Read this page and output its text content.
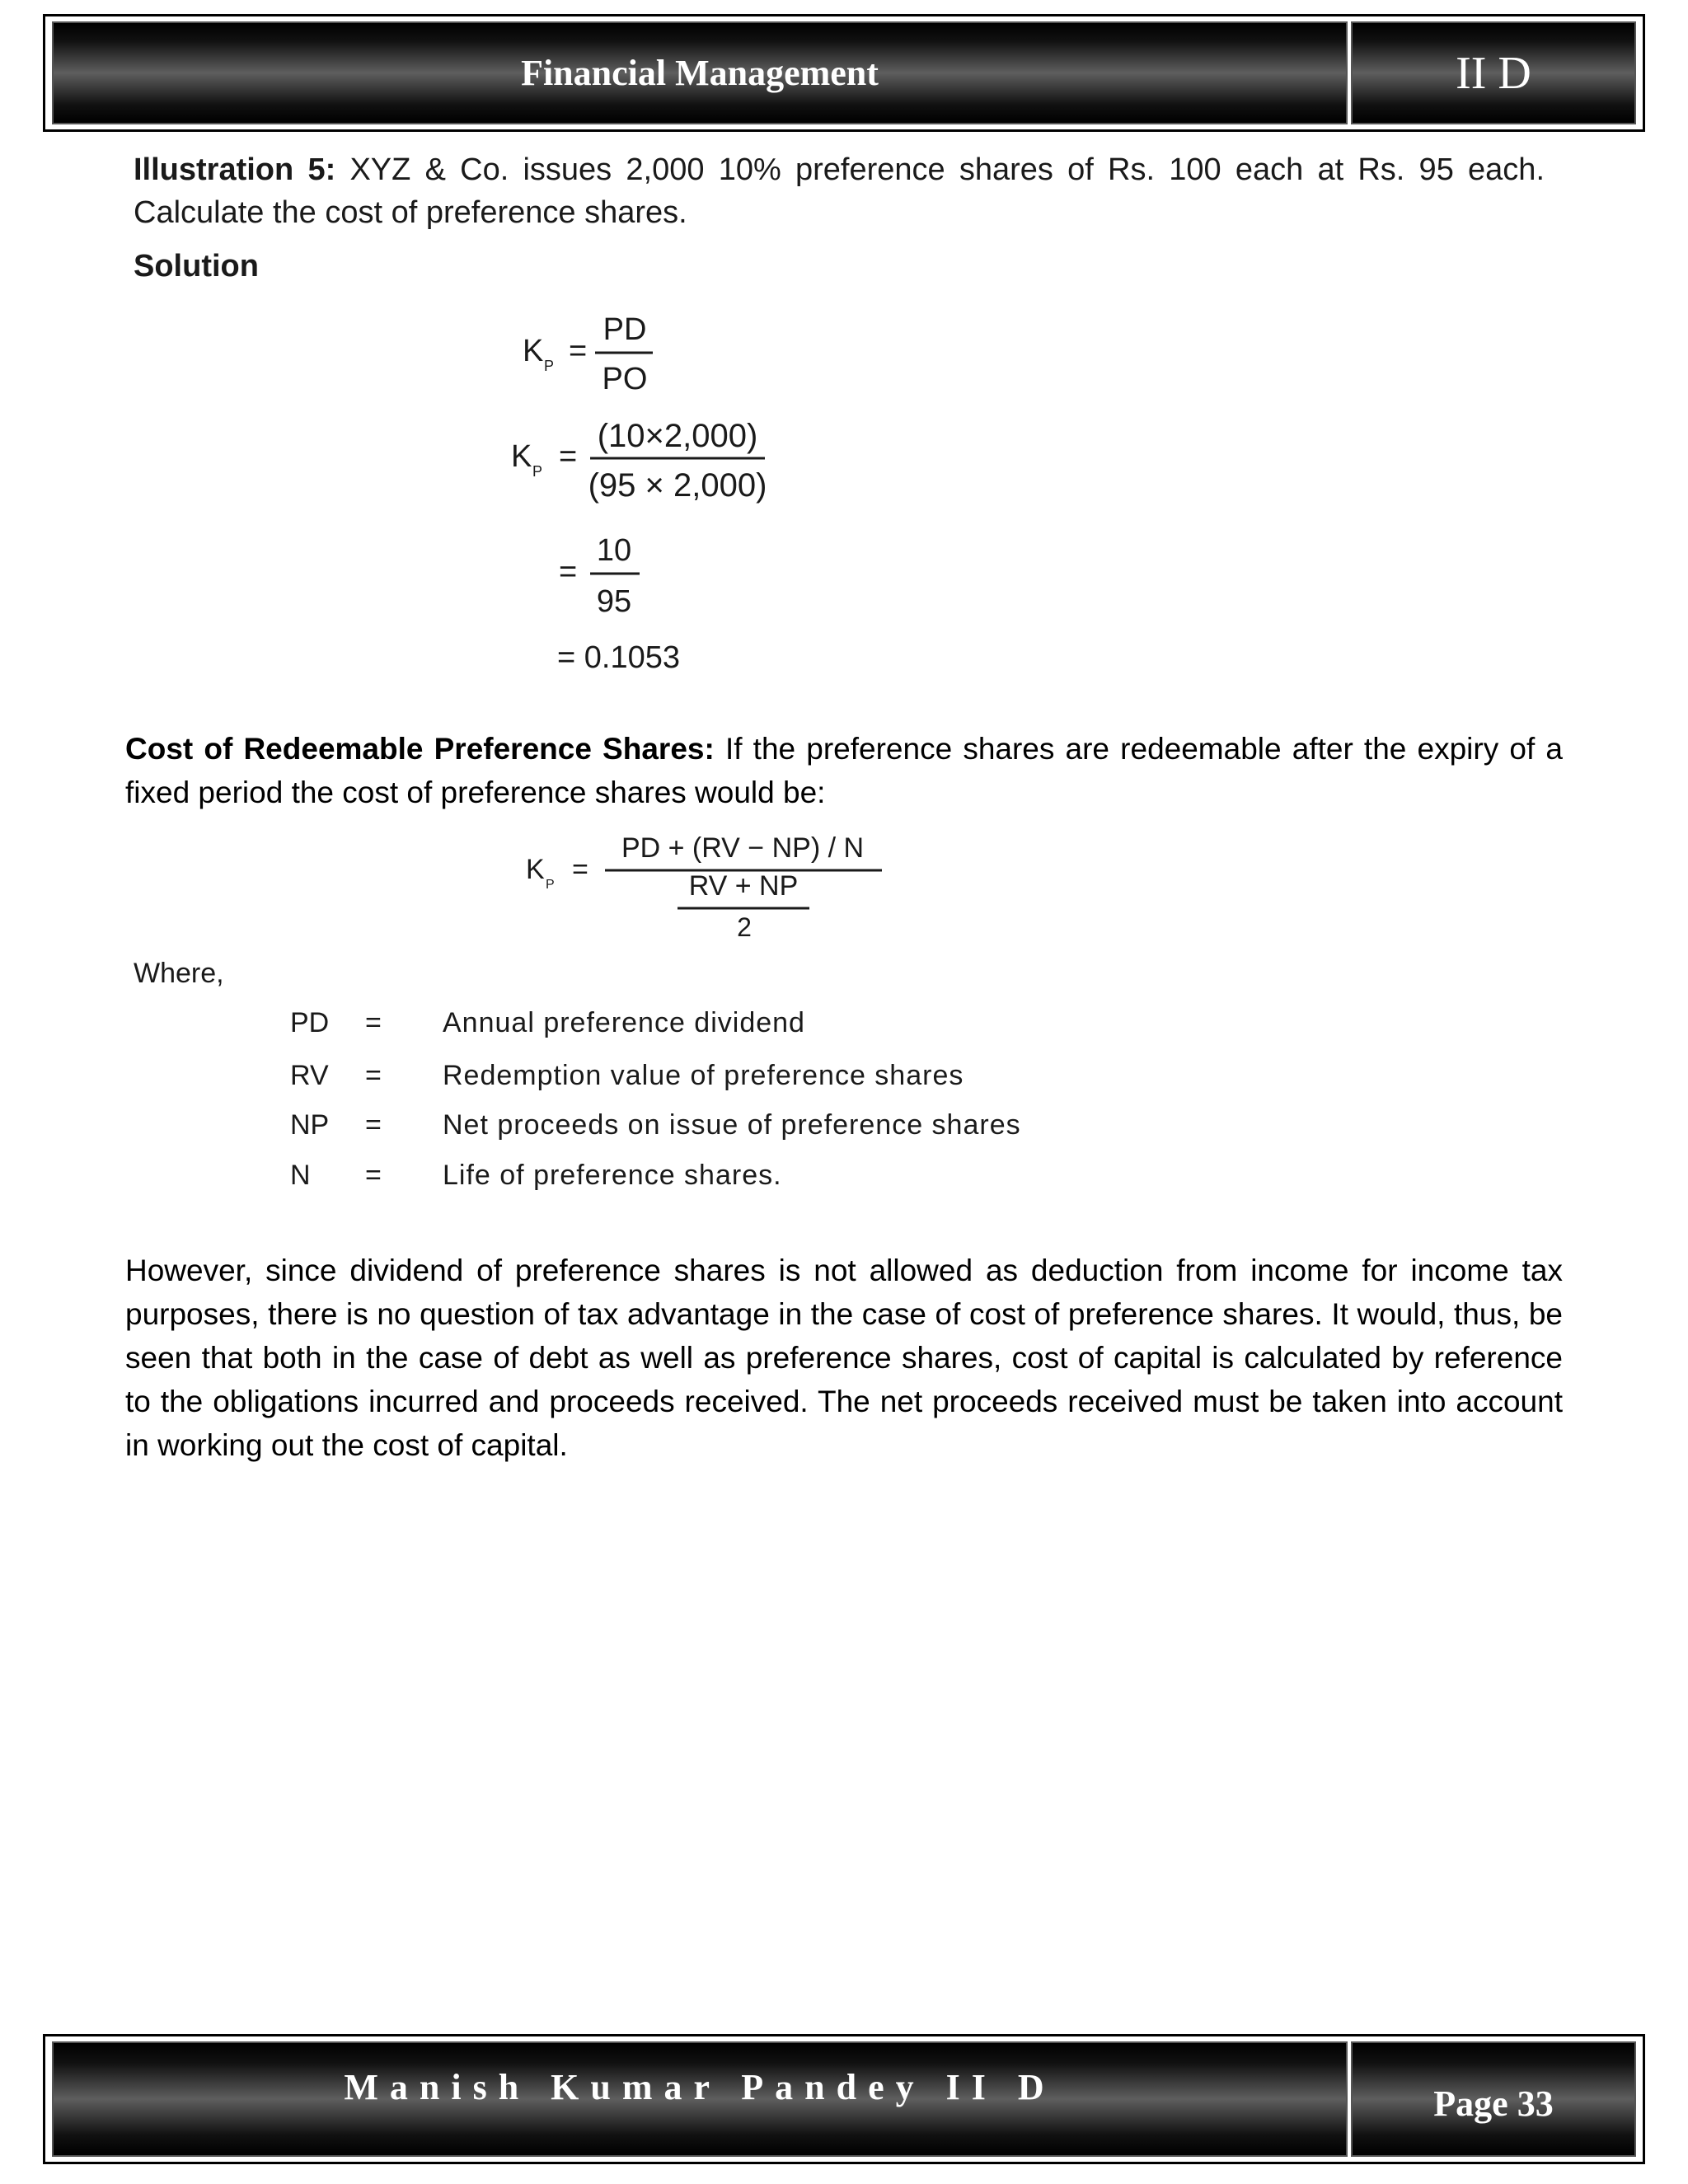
Financial Management	II D
Illustration 5: XYZ & Co. issues 2,000 10% preference shares of Rs. 100 each at Rs. 95 each. Calculate the cost of preference shares.
Solution
K P =
PD
PO
K P =
(10×2,000)
(95 × 2,000)
=
10
95
= 0.1053
K P =
PD + (RV − NP) / N
RV + NP
2
Cost of Redeemable Preference Shares: If the preference shares are redeemable after the expiry of a fixed period the cost of preference shares would be:
Where,
PD = Annual preference dividend
RV = Redemption value of preference shares
NP = Net proceeds on issue of preference shares
N = Life of preference shares.
However, since dividend of preference shares is not allowed as deduction from income for income tax purposes, there is no question of tax advantage in the case of cost of preference shares. It would, thus, be seen that both in the case of debt as well as preference shares, cost of capital is calculated by reference to the obligations incurred and proceeds received. The net proceeds received must be taken into account in working out the cost of capital.
Manish Kumar Pandey II D	Page 33
